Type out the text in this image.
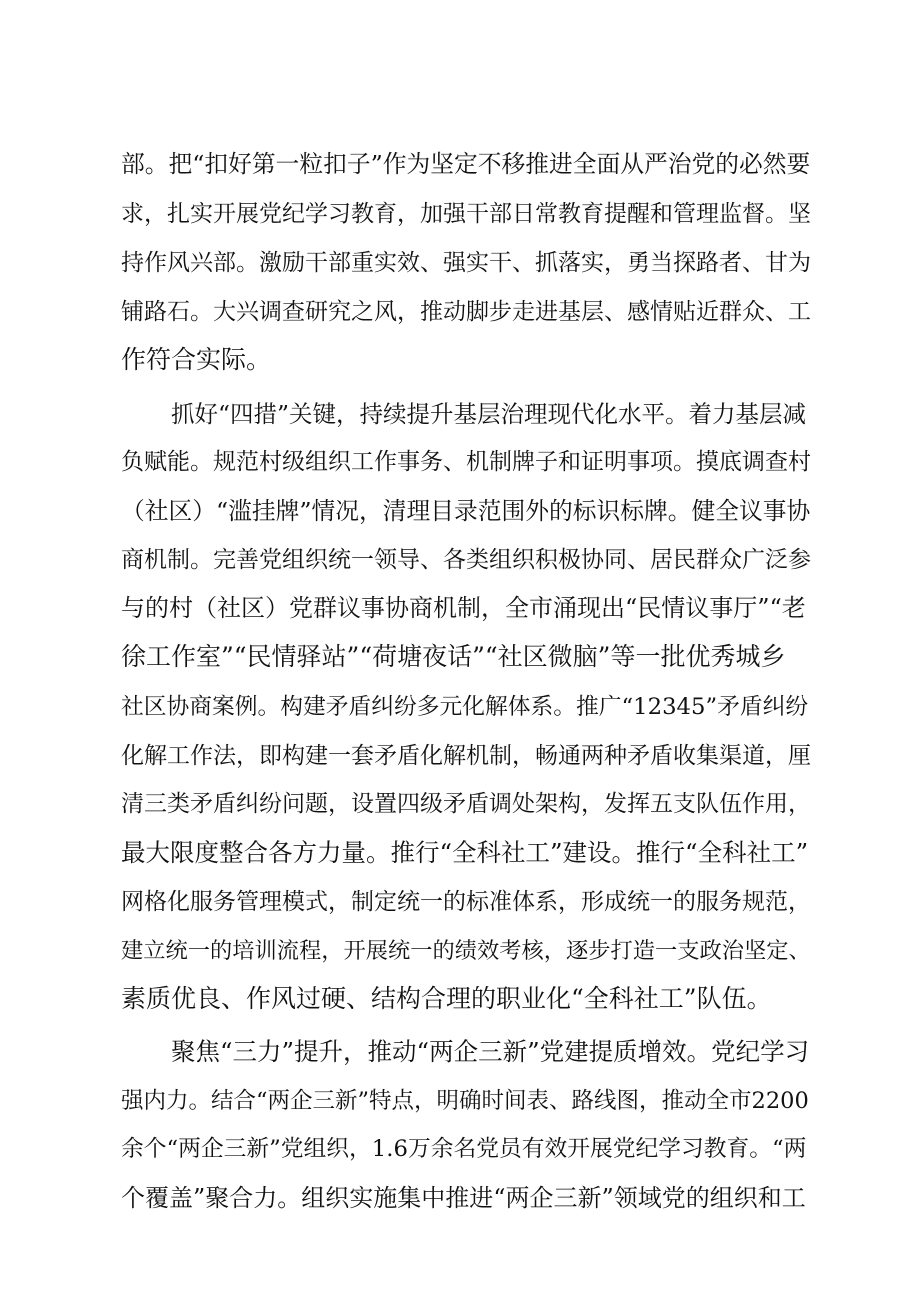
部。把“扣好第一粒扣子”作为坚定不移推进全面从严治党的必然要

求，扎实开展党纪学习教育，加强干部日常教育提醒和管理监督。坚

持作风兴部。激励干部重实效、强实干、抓落实，勇当探路者、甘为

铺路石。大兴调查研究之风，推动脚步走进基层、感情贴近群众、工

作符合实际。

抓好“四措”关键，持续提升基层治理现代化水平。着力基层减

负赋能。规范村级组织工作事务、机制牌子和证明事项。摸底调查村

（社区）“滥挂牌”情况，清理目录范围外的标识标牌。健全议事协

商机制。完善党组织统一领导、各类组织积极协同、居民群众广泛参

与的村（社区）党群议事协商机制，全市涌现出“民情议事厅”“老

徐工作室”“民情驿站”“荷塘夜话”“社区微脑”等一批优秀城乡

社区协商案例。构建矛盾纠纷多元化解体系。推广“12345”矛盾纠纷

化解工作法，即构建一套矛盾化解机制，畅通两种矛盾收集渠道，厘

清三类矛盾纠纷问题，设置四级矛盾调处架构，发挥五支队伍作用，

最大限度整合各方力量。推行“全科社工”建设。推行“全科社工”

网格化服务管理模式，制定统一的标准体系，形成统一的服务规范，

建立统一的培训流程，开展统一的绩效考核，逐步打造一支政治坚定、

素质优良、作风过硬、结构合理的职业化“全科社工”队伍。

聚焦“三力”提升，推动“两企三新”党建提质增效。党纪学习

强内力。结合“两企三新”特点，明确时间表、路线图，推动全市2200

余个“两企三新”党组织，1.6万余名党员有效开展党纪学习教育。“两

个覆盖”聚合力。组织实施集中推进“两企三新”领域党的组织和工
